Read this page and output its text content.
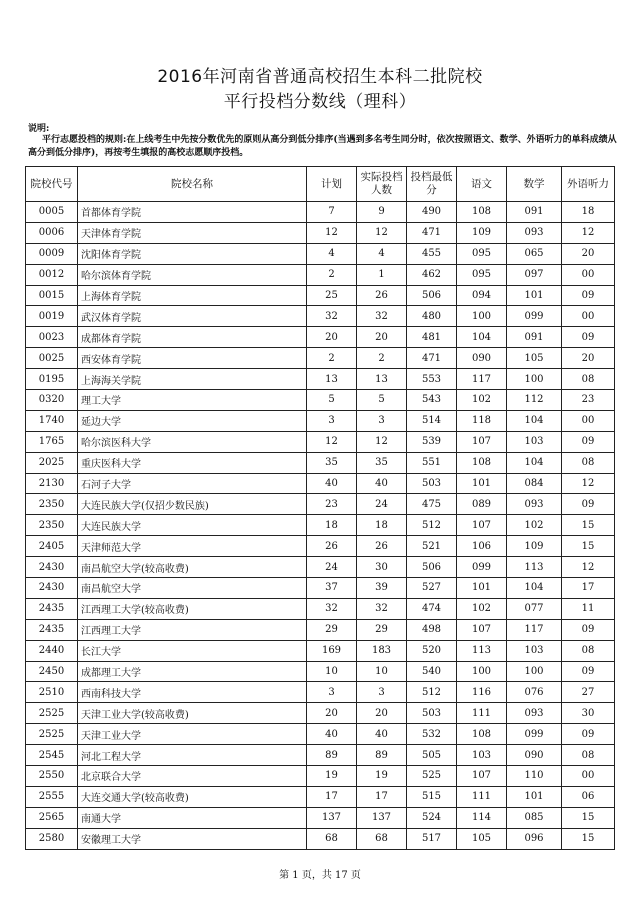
2016年河南省普通高校招生本科二批院校
平行投档分数线（理科）
说明:
平行志愿投档的规则:在上线考生中先按分数优先的原则从高分到低分排序(当遇到多名考生同分时，依次按照语文、数学、外语听力的单科成绩从高分到低分排序)，再按考生填报的高校志愿顺序投档。
院校代号	院校名称	计划	实际投档人数	投档最低分	语文	数学	外语听力
0005	首都体育学院	7	9	490	108	091	18
0006	天津体育学院	12	12	471	109	093	12
0009	沈阳体育学院	4	4	455	095	065	20
0012	哈尔滨体育学院	2	1	462	095	097	00
0015	上海体育学院	25	26	506	094	101	09
0019	武汉体育学院	32	32	480	100	099	00
0023	成都体育学院	20	20	481	104	091	09
0025	西安体育学院	2	2	471	090	105	20
0195	上海海关学院	13	13	553	117	100	08
0320	理工大学	5	5	543	102	112	23
1740	延边大学	3	3	514	118	104	00
1765	哈尔滨医科大学	12	12	539	107	103	09
2025	重庆医科大学	35	35	551	108	104	08
2130	石河子大学	40	40	503	101	084	12
2350	大连民族大学(仅招少数民族)	23	24	475	089	093	09
2350	大连民族大学	18	18	512	107	102	15
2405	天津师范大学	26	26	521	106	109	15
2430	南昌航空大学(较高收费)	24	30	506	099	113	12
2430	南昌航空大学	37	39	527	101	104	17
2435	江西理工大学(较高收费)	32	32	474	102	077	11
2435	江西理工大学	29	29	498	107	117	09
2440	长江大学	169	183	520	113	103	08
2450	成都理工大学	10	10	540	100	100	09
2510	西南科技大学	3	3	512	116	076	27
2525	天津工业大学(较高收费)	20	20	503	111	093	30
2525	天津工业大学	40	40	532	108	099	09
2545	河北工程大学	89	89	505	103	090	08
2550	北京联合大学	19	19	525	107	110	00
2555	大连交通大学(较高收费)	17	17	515	111	101	06
2565	南通大学	137	137	524	114	085	15
2580	安徽理工大学	68	68	517	105	096	15
第 1 页，共 17 页
